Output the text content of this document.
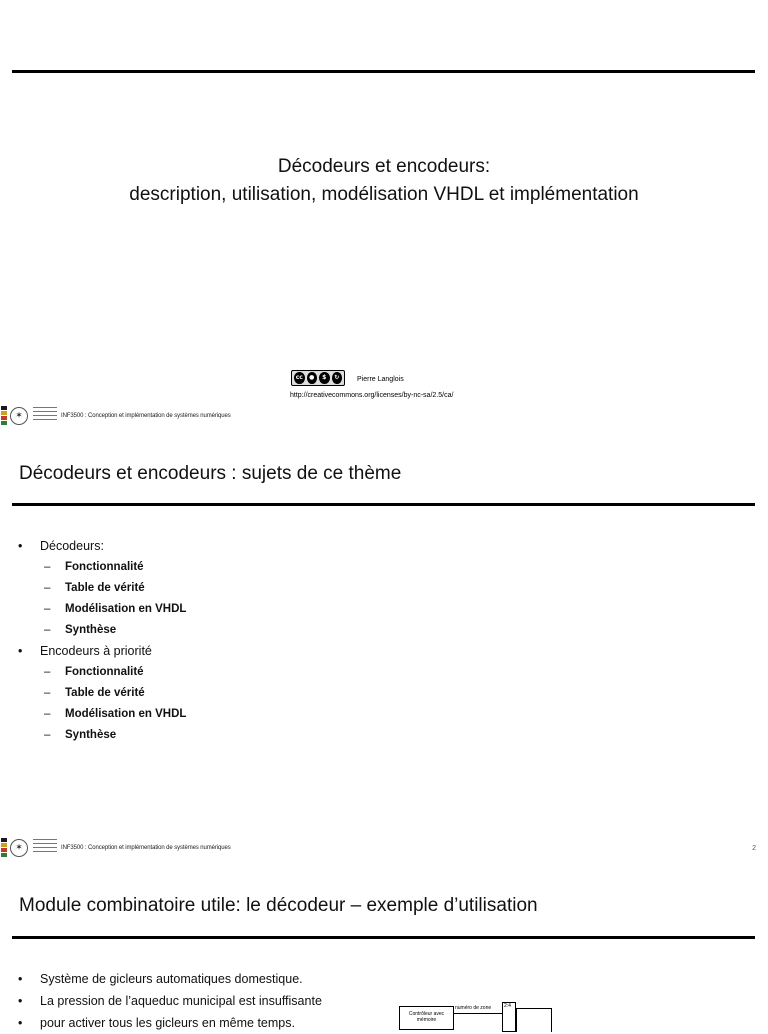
Décodeurs et encodeurs:
description, utilisation, modélisation VHDL et implémentation
cc	●	$	↻	Pierre Langlois
http://creativecommons.org/licenses/by-nc-sa/2.5/ca/
✶	INF3500 : Conception et implémentation de systèmes numériques
Décodeurs et encodeurs : sujets de ce thème
• Décodeurs:
– Fonctionnalité
– Table de vérité
– Modélisation en VHDL
– Synthèse
• Encodeurs à priorité
– Fonctionnalité
– Table de vérité
– Modélisation en VHDL
– Synthèse
✶	INF3500 : Conception et implémentation de systèmes numériques	2
Module combinatoire utile: le décodeur – exemple d’utilisation
• Système de gicleurs automatiques domestique.
• La pression de l’aqueduc municipal est insuffisante
• pour activer tous les gicleurs en même temps.
Contrôleur avec
mémoire
numéro de zone	2:4
